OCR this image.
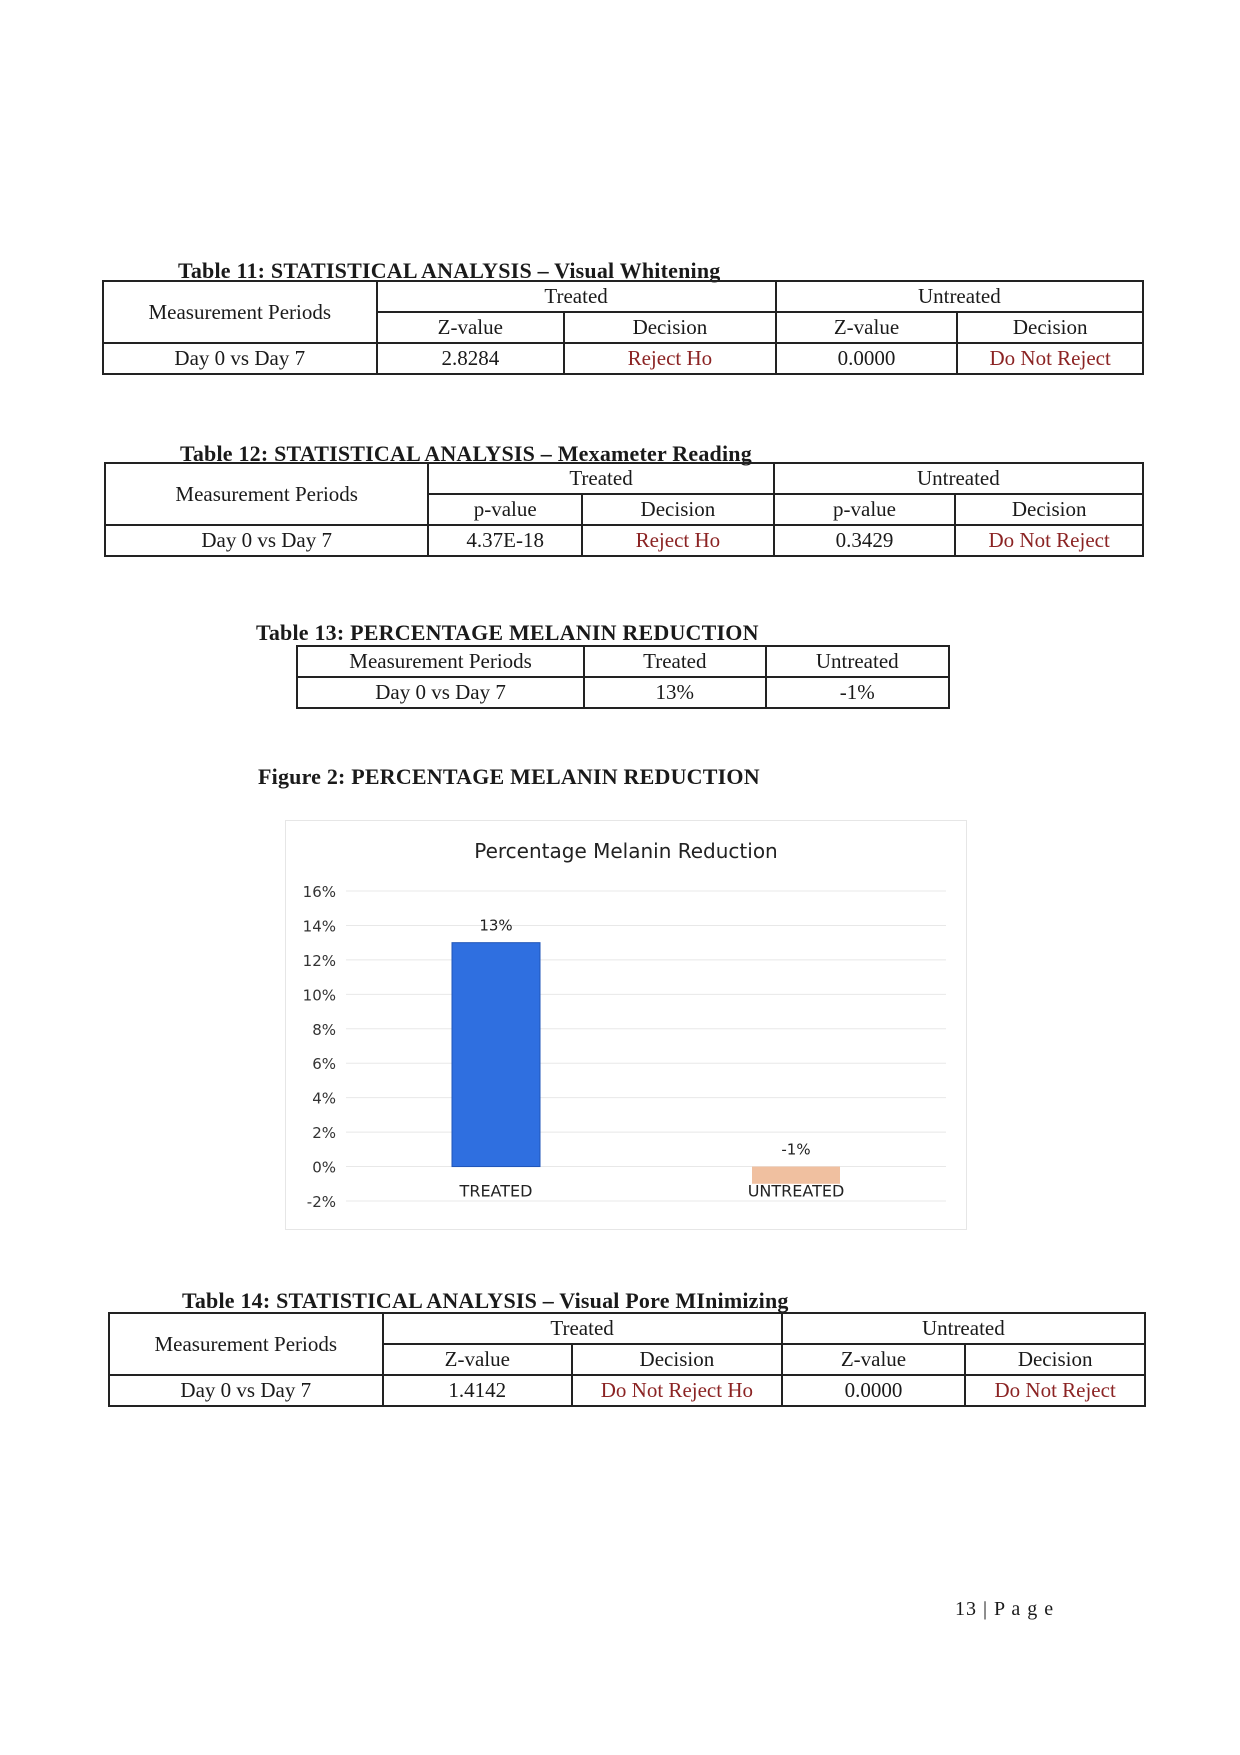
Table 11: STATISTICAL ANALYSIS – Visual Whitening
Measurement Periods	Treated		Untreated	
	Z-value	Decision	Z-value	Decision
Day 0 vs Day 7	2.8284	Reject Ho	0.0000	Do Not Reject
Table 12: STATISTICAL ANALYSIS – Mexameter Reading
Measurement Periods	Treated		Untreated	
	p-value	Decision	p-value	Decision
Day 0 vs Day 7	4.37E-18	Reject Ho	0.3429	Do Not Reject
Table 13: PERCENTAGE MELANIN REDUCTION
Measurement Periods	Treated	Untreated
Day 0 vs Day 7	13%	-1%
Figure 2: PERCENTAGE MELANIN REDUCTION
Percentage Melanin Reduction
16%
14%
12%
10%
8%
6%
4%
2%
0%
-2%
13%
TREATED
-1%
UNTREATED
Table 14: STATISTICAL ANALYSIS – Visual Pore MInimizing
Measurement Periods	Treated		Untreated	
	Z-value	Decision	Z-value	Decision
Day 0 vs Day 7	1.4142	Do Not Reject Ho	0.0000	Do Not Reject
13 | P a g e
